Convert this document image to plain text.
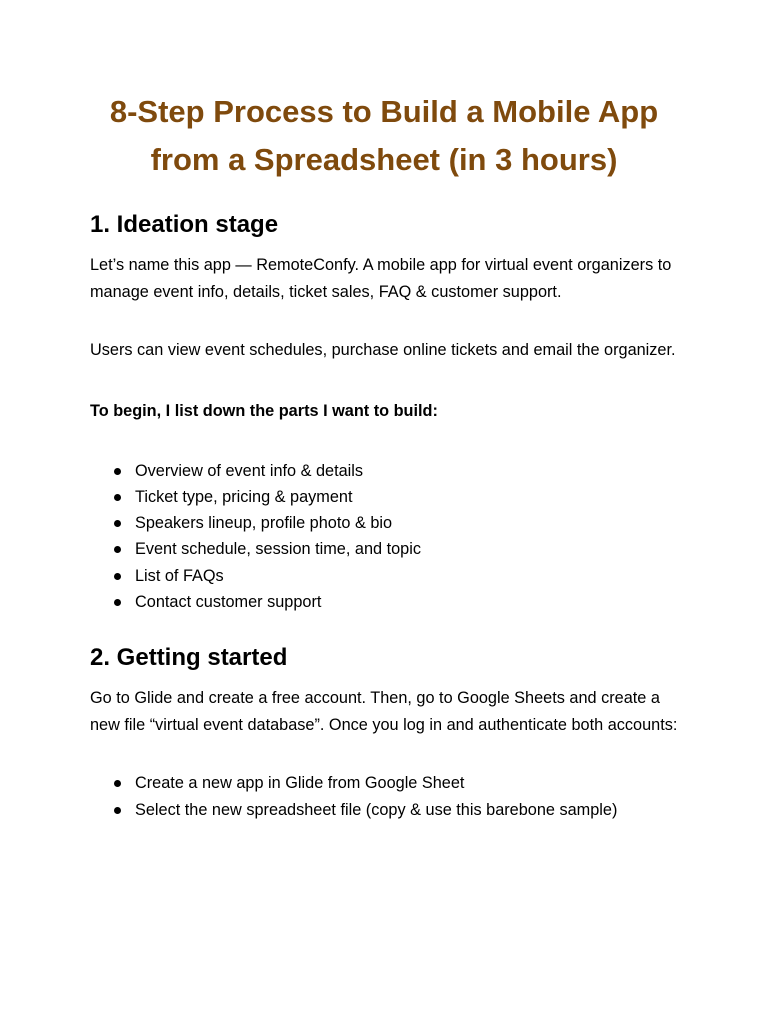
8-Step Process to Build a Mobile App
from a Spreadsheet (in 3 hours)
1. Ideation stage

Let’s name this app — RemoteConfy. A mobile app for virtual event organizers to manage event info, details, ticket sales, FAQ & customer support.

Users can view event schedules, purchase online tickets and email the organizer.

To begin, I list down the parts I want to build:

Overview of event info & details
Ticket type, pricing & payment
Speakers lineup, profile photo & bio
Event schedule, session time, and topic
List of FAQs
Contact customer support
2. Getting started

Go to Glide and create a free account. Then, go to Google Sheets and create a new file “virtual event database”. Once you log in and authenticate both accounts:

Create a new app in Glide from Google Sheet
Select the new spreadsheet file (copy & use this barebone sample)
